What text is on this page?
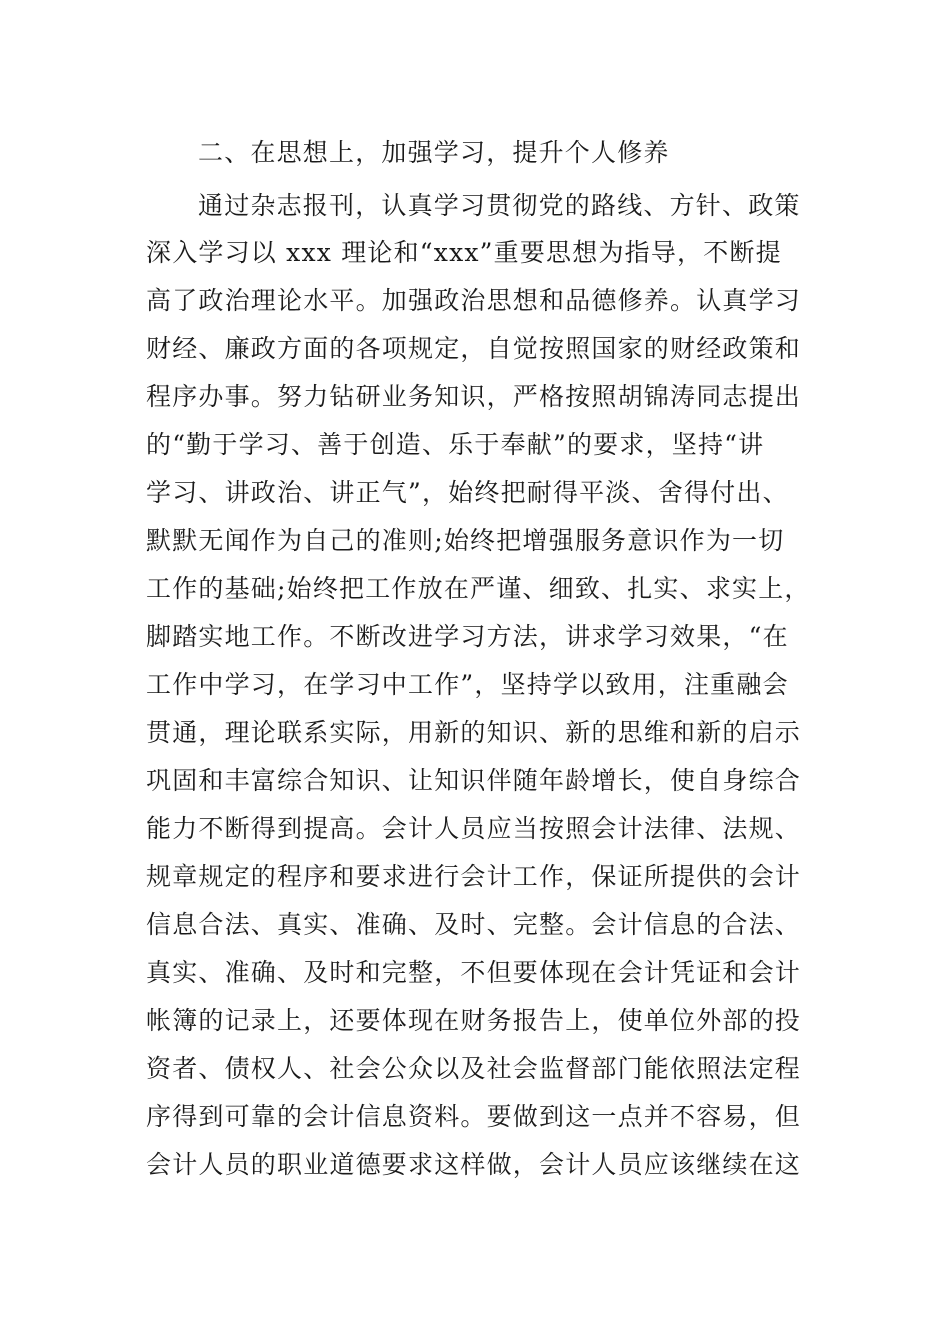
二、在思想上，加强学习，提升个人修养
通过杂志报刊，认真学习贯彻党的路线、方针、政策
深入学习以 xxx 理论和“xxx”重要思想为指导，不断提
高了政治理论水平。加强政治思想和品德修养。认真学习
财经、廉政方面的各项规定，自觉按照国家的财经政策和
程序办事。努力钻研业务知识，严格按照胡锦涛同志提出
的“勤于学习、善于创造、乐于奉献”的要求，坚持“讲
学习、讲政治、讲正气”，始终把耐得平淡、舍得付出、
默默无闻作为自己的准则;始终把增强服务意识作为一切
工作的基础;始终把工作放在严谨、细致、扎实、求实上，
脚踏实地工作。不断改进学习方法，讲求学习效果，“在
工作中学习，在学习中工作”，坚持学以致用，注重融会
贯通，理论联系实际，用新的知识、新的思维和新的启示
巩固和丰富综合知识、让知识伴随年龄增长，使自身综合
能力不断得到提高。会计人员应当按照会计法律、法规、
规章规定的程序和要求进行会计工作，保证所提供的会计
信息合法、真实、准确、及时、完整。会计信息的合法、
真实、准确、及时和完整，不但要体现在会计凭证和会计
帐簿的记录上，还要体现在财务报告上，使单位外部的投
资者、债权人、社会公众以及社会监督部门能依照法定程
序得到可靠的会计信息资料。要做到这一点并不容易，但
会计人员的职业道德要求这样做，会计人员应该继续在这
